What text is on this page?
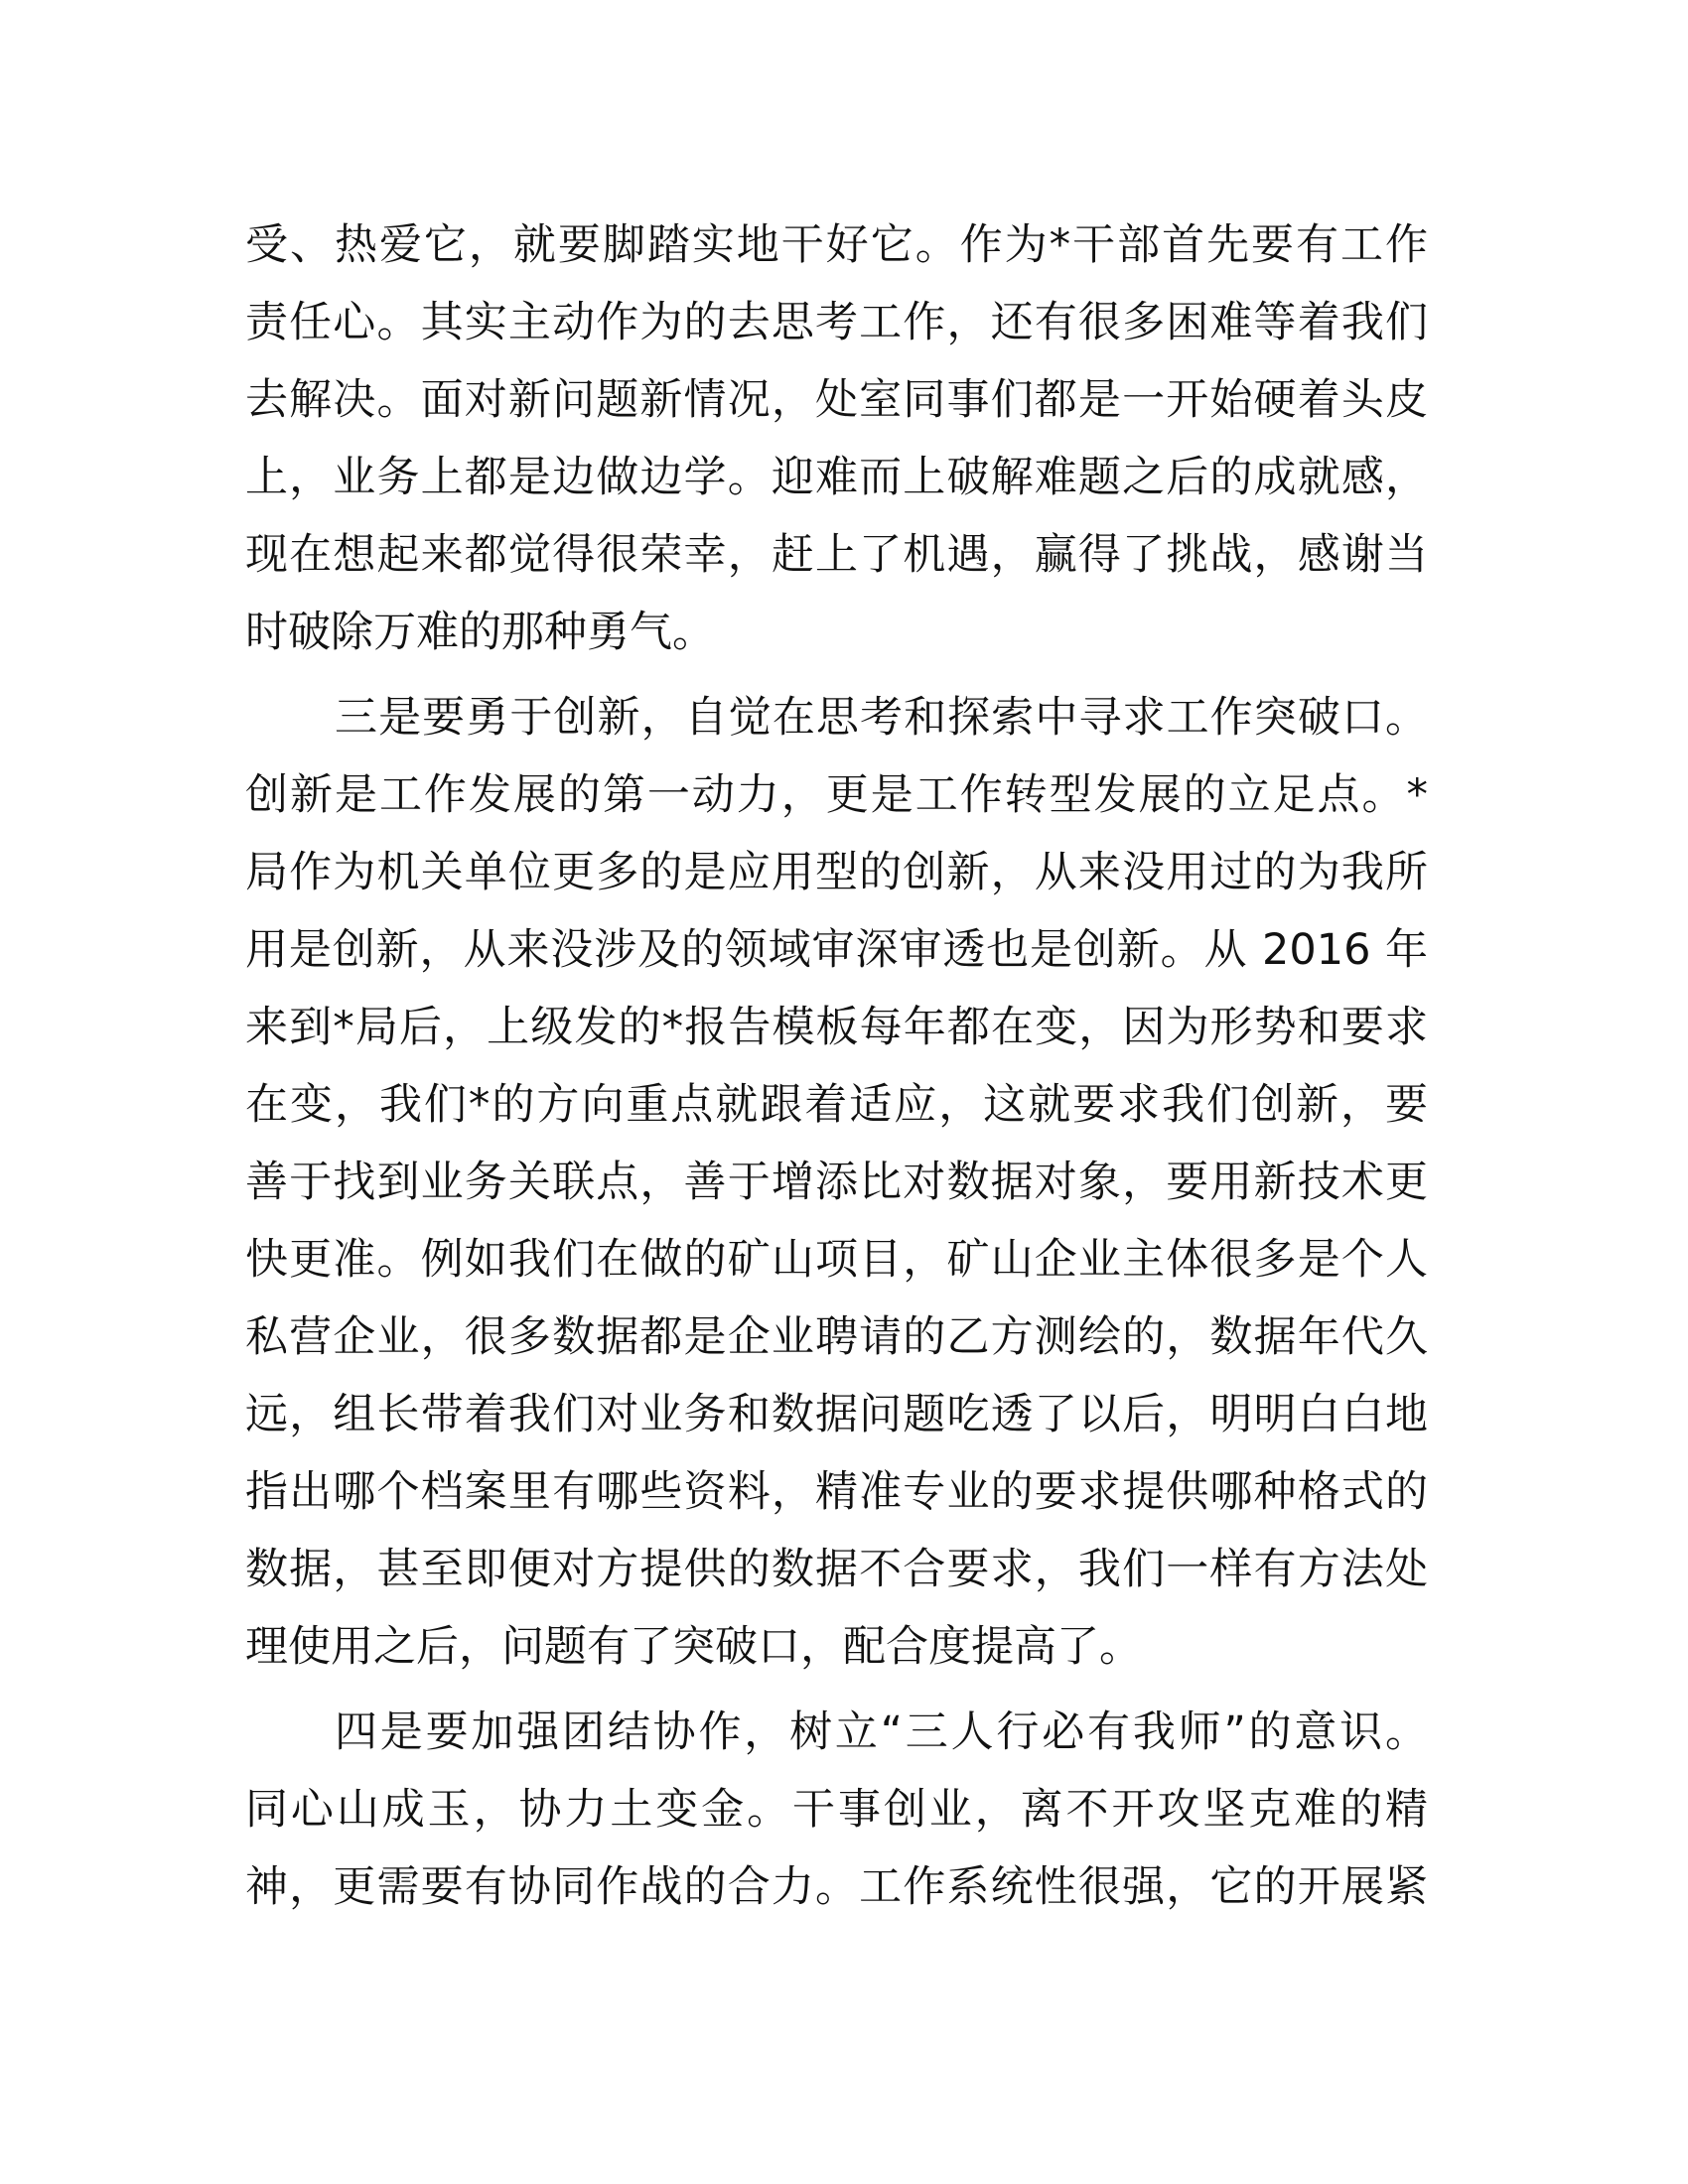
受、热爱它，就要脚踏实地干好它。作为*干部首先要有工作
责任心。其实主动作为的去思考工作，还有很多困难等着我们
去解决。面对新问题新情况，处室同事们都是一开始硬着头皮
上，业务上都是边做边学。迎难而上破解难题之后的成就感，
现在想起来都觉得很荣幸，赶上了机遇，赢得了挑战，感谢当
时破除万难的那种勇气。
三是要勇于创新，自觉在思考和探索中寻求工作突破口。
创新是工作发展的第一动力，更是工作转型发展的立足点。*
局作为机关单位更多的是应用型的创新，从来没用过的为我所
用是创新，从来没涉及的领域审深审透也是创新。从 2016 年
来到*局后，上级发的*报告模板每年都在变，因为形势和要求
在变，我们*的方向重点就跟着适应，这就要求我们创新，要
善于找到业务关联点，善于增添比对数据对象，要用新技术更
快更准。例如我们在做的矿山项目，矿山企业主体很多是个人
私营企业，很多数据都是企业聘请的乙方测绘的，数据年代久
远，组长带着我们对业务和数据问题吃透了以后，明明白白地
指出哪个档案里有哪些资料，精准专业的要求提供哪种格式的
数据，甚至即便对方提供的数据不合要求，我们一样有方法处
理使用之后，问题有了突破口，配合度提高了。
四是要加强团结协作，树立“三人行必有我师”的意识。
同心山成玉，协力土变金。干事创业，离不开攻坚克难的精
神，更需要有协同作战的合力。工作系统性很强，它的开展紧
